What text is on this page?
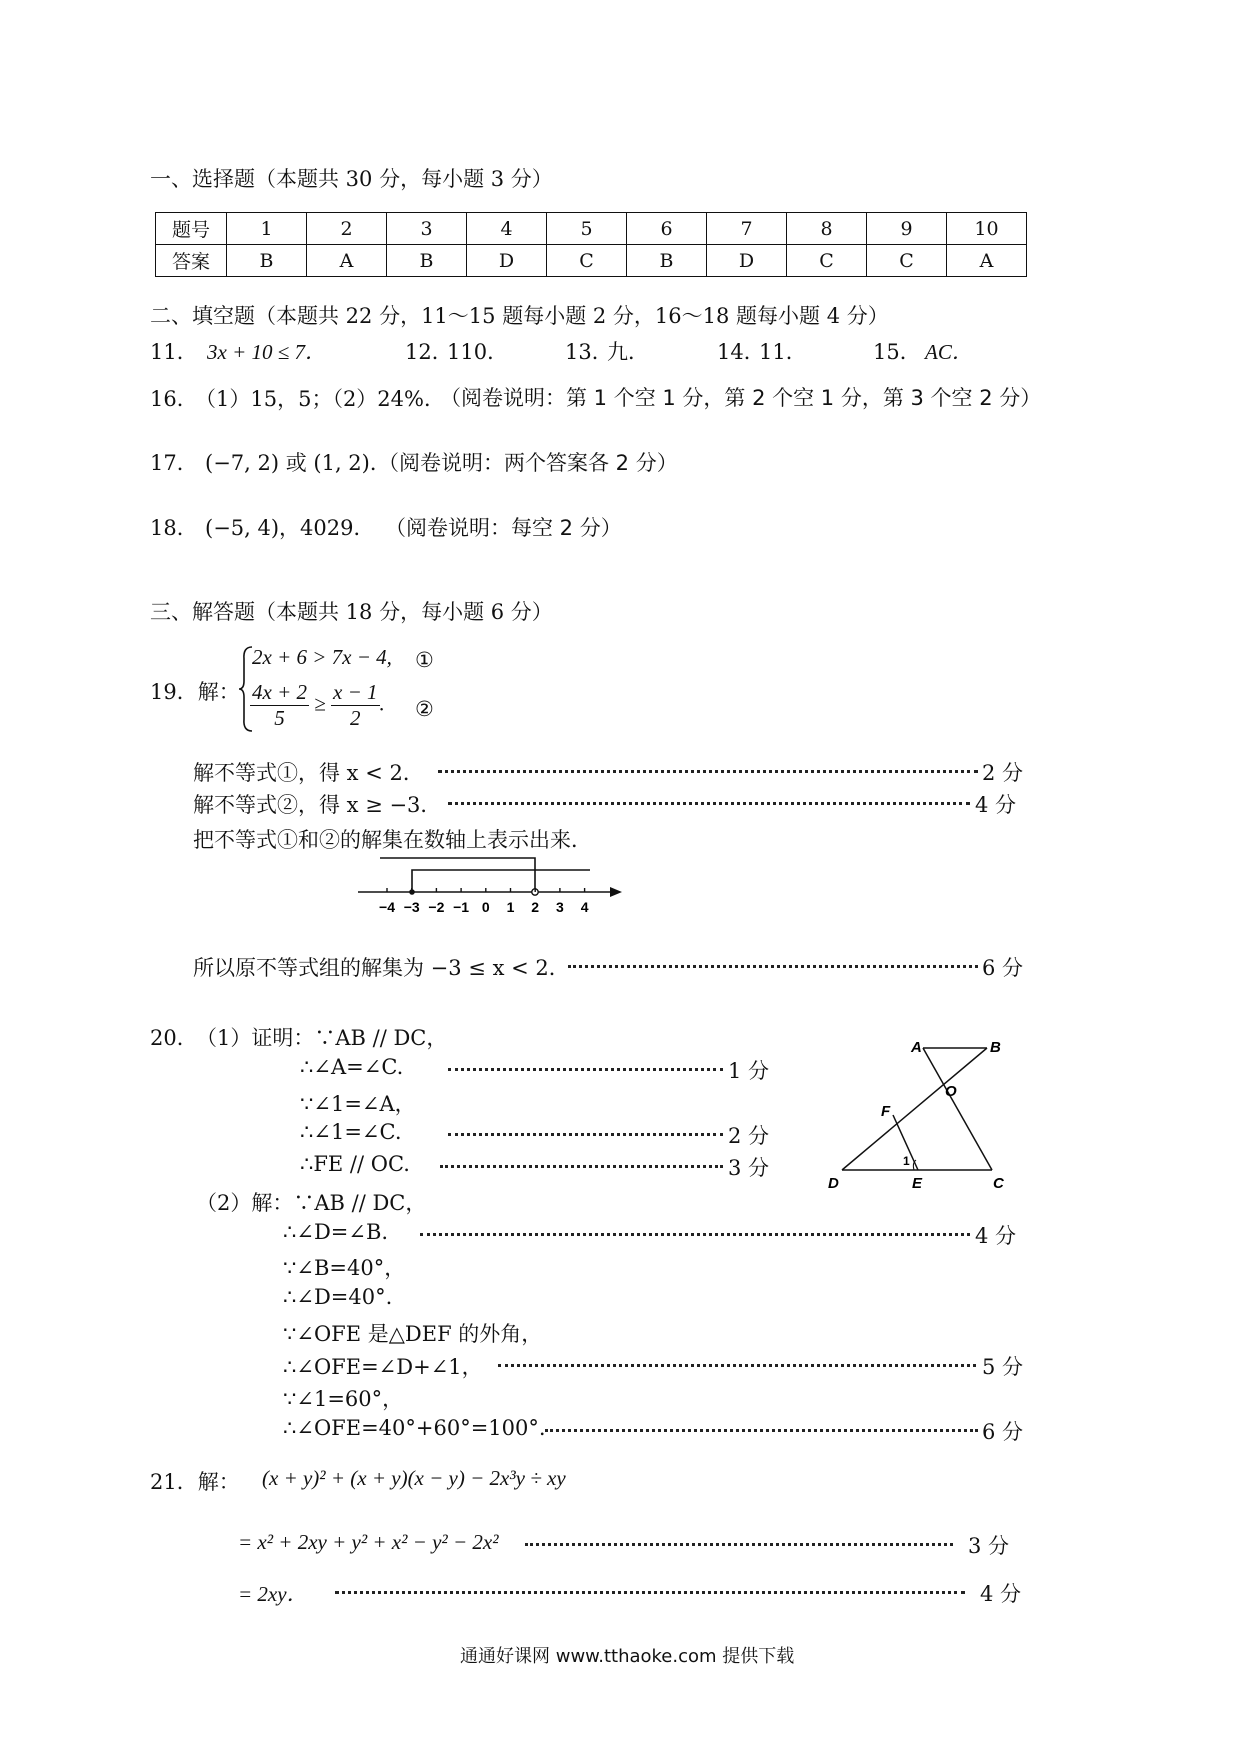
一、选择题（本题共 30 分，每小题 3 分）
题号	1	2	3	4	5	6	7	8	9	10
答案	B	A	B	D	C	B	D	C	C	A
二、填空题（本题共 22 分，11～15 题每小题 2 分，16～18 题每小题 4 分）
11． 3x + 10 ≤ 7．	12．
110．	13．
九．	14．
11．	15． AC．
16．
（1）15，5；（2）24%．
（阅卷说明：第 1 个空 1 分，第 2 个空 1 分，第 3 个空 2 分）
17． (−7, 2) 或 (1, 2)．
（阅卷说明：两个答案各 2 分）
18． (−5, 4)，4029． （阅卷说明：每空 2 分）
三、解答题（本题共 18 分，每小题 6 分）
19．解：
2x + 6 > 7x − 4, ①
$\frac{4x + 2}{5} \ge \frac{x - 1}{2}$ . ②
解不等式①，得 x < 2．	2 分
解不等式②，得 x ≥ −3．	4 分
把不等式①和②的解集在数轴上表示出来．
−4 −3 −2 −1 0 1 2 3 4
所以原不等式组的解集为 −3 ≤ x < 2．	6 分
20．
（1）证明：∵AB // DC，
∴∠A=∠C.	1 分
∵∠1=∠A，
∴∠1=∠C.	2 分
∴FE // OC.	3 分
A	B
O
F
1
D	E	C
（2）解：∵AB // DC，
∴∠D=∠B.	4 分
∵∠B=40°，
∴∠D=40°.
∵∠OFE 是△DEF 的外角，
∴∠OFE=∠D+∠1，	5 分
∵∠1=60°，
∴∠OFE=40°+60°=100°.	6 分
21．解： (x + y)² + (x + y)(x − y) − 2x³y ÷ xy
= x² + 2xy + y² + x² − y² − 2x²	3 分
= 2xy．	4 分
通通好课网 www.tthaoke.com 提供下载
